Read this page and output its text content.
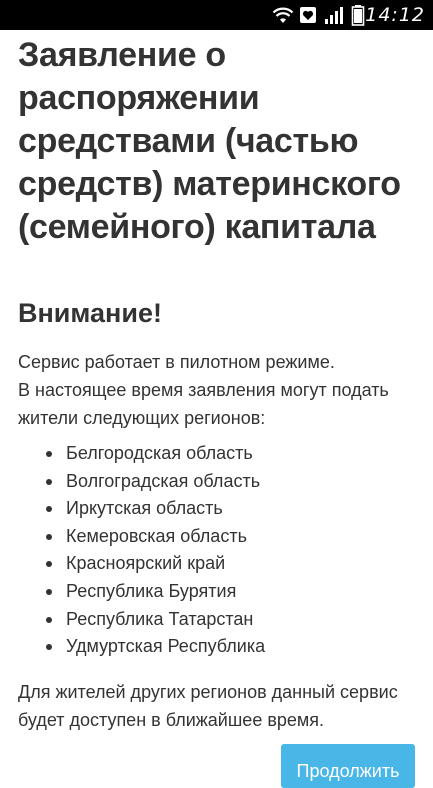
14:12
Заявление о распоряжении средствами (частью средств) материнского (семейного) капитала
Внимание!

Сервис работает в пилотном режиме.
В настоящее время заявления могут подать жители следующих регионов:

Белгородская область
Волгоградская область
Иркутская область
Кемеровская область
Красноярский край
Республика Бурятия
Республика Татарстан
Удмуртская Республика

Для жителей других регионов данный сервис будет доступен в ближайшее время.

Продолжить
